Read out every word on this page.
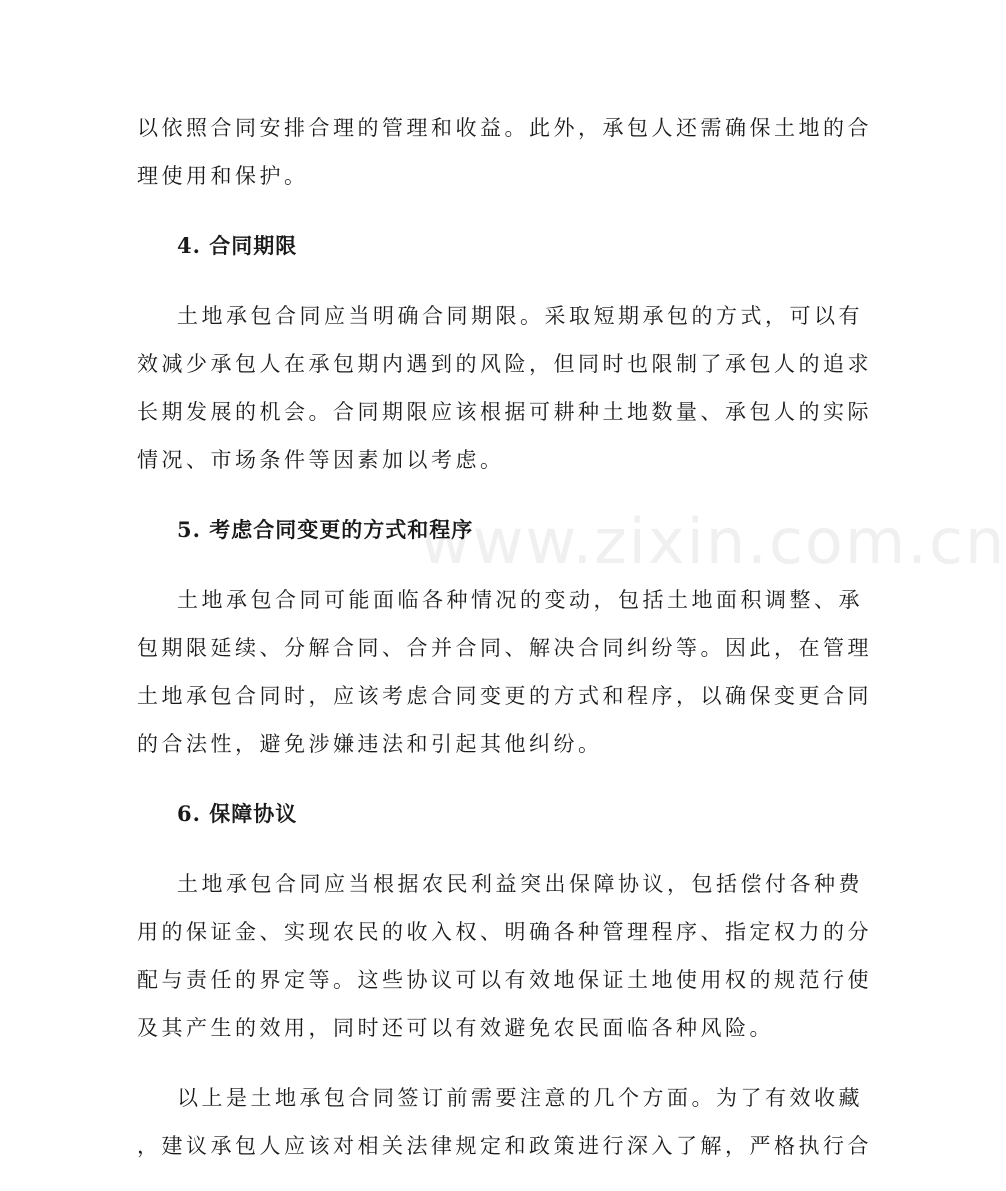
www.zixin.com.cn
以依照合同安排合理的管理和收益。此外，承包人还需确保土地的合
理使用和保护。
4. 合同期限
土地承包合同应当明确合同期限。采取短期承包的方式，可以有
效减少承包人在承包期内遇到的风险，但同时也限制了承包人的追求
长期发展的机会。合同期限应该根据可耕种土地数量、承包人的实际
情况、市场条件等因素加以考虑。
5. 考虑合同变更的方式和程序
土地承包合同可能面临各种情况的变动，包括土地面积调整、承
包期限延续、分解合同、合并合同、解决合同纠纷等。因此，在管理
土地承包合同时，应该考虑合同变更的方式和程序，以确保变更合同
的合法性，避免涉嫌违法和引起其他纠纷。
6. 保障协议
土地承包合同应当根据农民利益突出保障协议，包括偿付各种费
用的保证金、实现农民的收入权、明确各种管理程序、指定权力的分
配与责任的界定等。这些协议可以有效地保证土地使用权的规范行使
及其产生的效用，同时还可以有效避免农民面临各种风险。
以上是土地承包合同签订前需要注意的几个方面。为了有效收藏
，建议承包人应该对相关法律规定和政策进行深入了解，严格执行合
